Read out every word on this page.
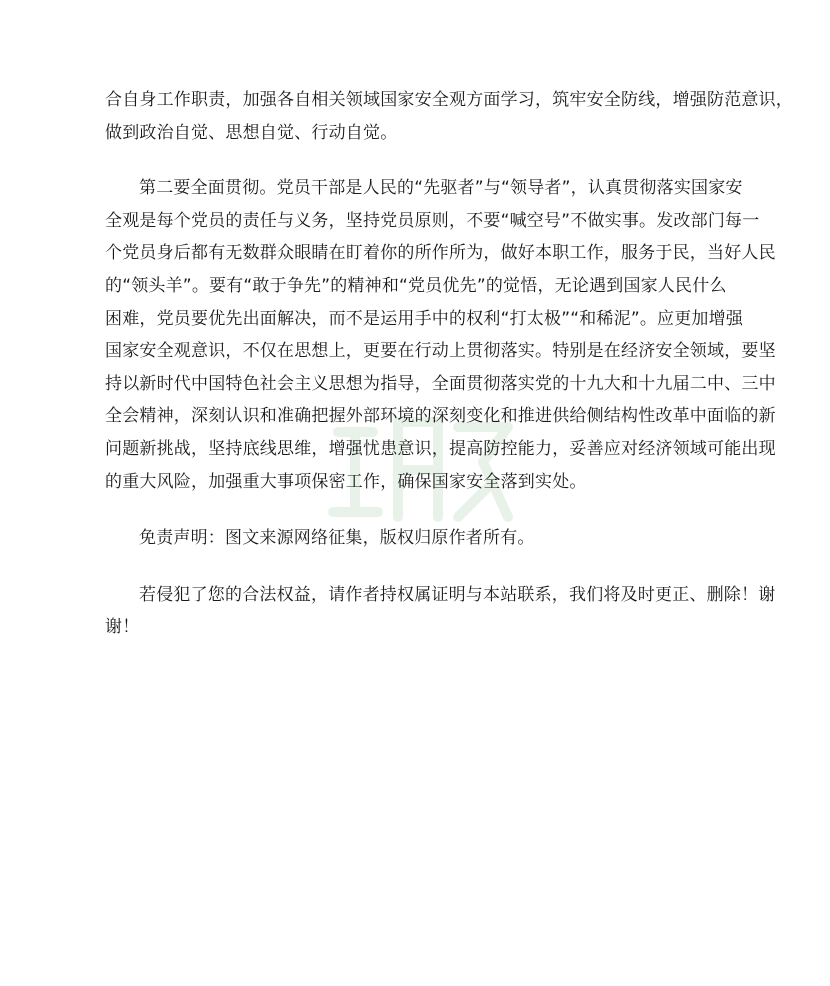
合自身工作职责，加强各自相关领域国家安全观方面学习，筑牢安全防线，增强防范意识，
做到政治自觉、思想自觉、行动自觉。

第二要全面贯彻。党员干部是人民的“先驱者”与“领导者”，认真贯彻落实国家安
全观是每个党员的责任与义务，坚持党员原则，不要“喊空号”不做实事。发改部门每一
个党员身后都有无数群众眼睛在盯着你的所作所为，做好本职工作，服务于民，当好人民
的“领头羊”。要有“敢于争先”的精神和“党员优先”的觉悟，无论遇到国家人民什么
困难，党员要优先出面解决，而不是运用手中的权利“打太极”“和稀泥”。应更加增强
国家安全观意识，不仅在思想上，更要在行动上贯彻落实。特别是在经济安全领域，要坚
持以新时代中国特色社会主义思想为指导，全面贯彻落实党的十九大和十九届二中、三中
全会精神，深刻认识和准确把握外部环境的深刻变化和推进供给侧结构性改革中面临的新
问题新挑战，坚持底线思维，增强忧患意识，提高防控能力，妥善应对经济领域可能出现
的重大风险，加强重大事项保密工作，确保国家安全落到实处。

免责声明：图文来源网络征集，版权归原作者所有。

若侵犯了您的合法权益，请作者持权属证明与本站联系，我们将及时更正、删除！谢
谢！
